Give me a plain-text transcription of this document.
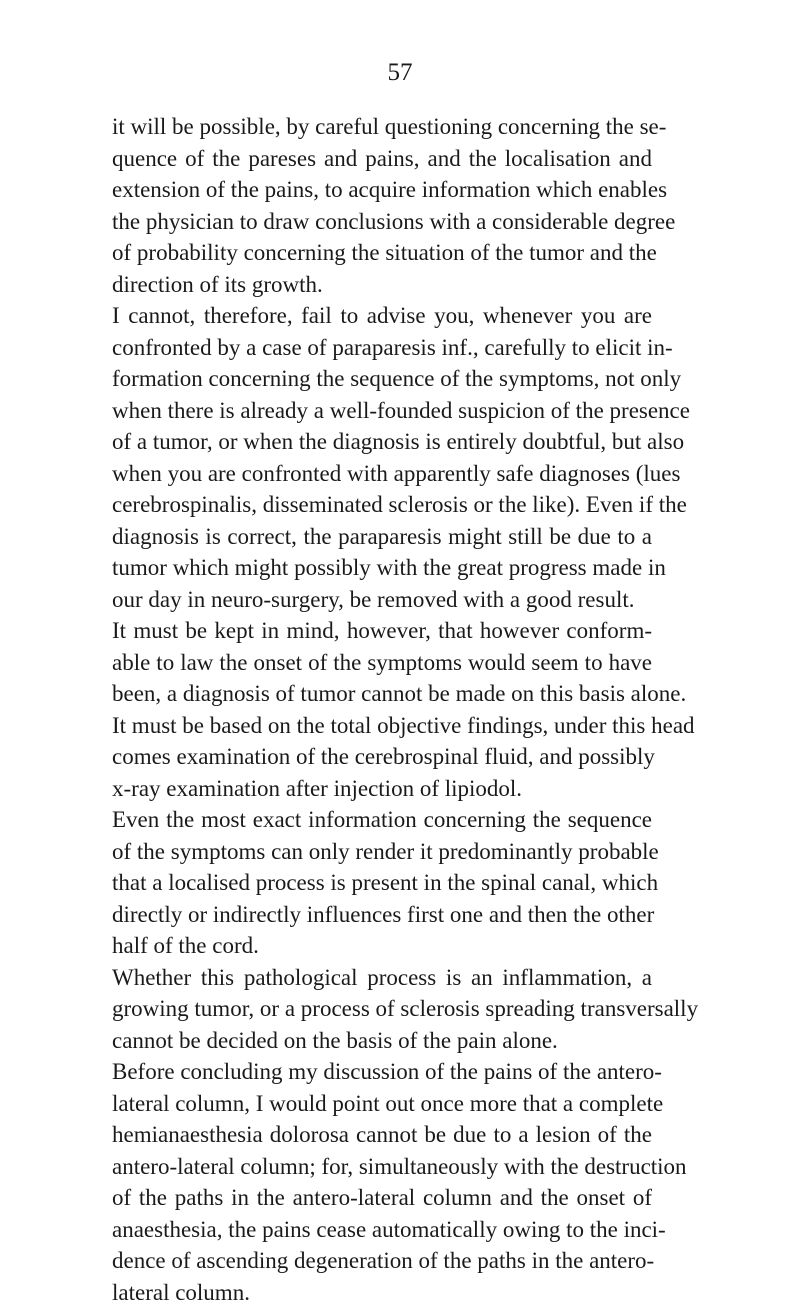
57
it will be possible, by careful questioning concerning the se-
quence of the pareses and pains, and the localisation and
extension of the pains, to acquire information which enables
the physician to draw conclusions with a considerable degree
of probability concerning the situation of the tumor and the
direction of its growth.
I cannot, therefore, fail to advise you, whenever you are
confronted by a case of paraparesis inf., carefully to elicit in-
formation concerning the sequence of the symptoms, not only
when there is already a well-founded suspicion of the presence
of a tumor, or when the diagnosis is entirely doubtful, but also
when you are confronted with apparently safe diagnoses (lues
cerebrospinalis, disseminated sclerosis or the like). Even if the
diagnosis is correct, the paraparesis might still be due to a
tumor which might possibly with the great progress made in
our day in neuro-surgery, be removed with a good result.
It must be kept in mind, however, that however conform-
able to law the onset of the symptoms would seem to have
been, a diagnosis of tumor cannot be made on this basis alone.
It must be based on the total objective findings, under this head
comes examination of the cerebrospinal fluid, and possibly
x-ray examination after injection of lipiodol.
Even the most exact information concerning the sequence
of the symptoms can only render it predominantly probable
that a localised process is present in the spinal canal, which
directly or indirectly influences first one and then the other
half of the cord.
Whether this pathological process is an inflammation, a
growing tumor, or a process of sclerosis spreading transversally
cannot be decided on the basis of the pain alone.
Before concluding my discussion of the pains of the antero-
lateral column, I would point out once more that a complete
hemianaesthesia dolorosa cannot be due to a lesion of the
antero-lateral column; for, simultaneously with the destruction
of the paths in the antero-lateral column and the onset of
anaesthesia, the pains cease automatically owing to the inci-
dence of ascending degeneration of the paths in the antero-
lateral column.
